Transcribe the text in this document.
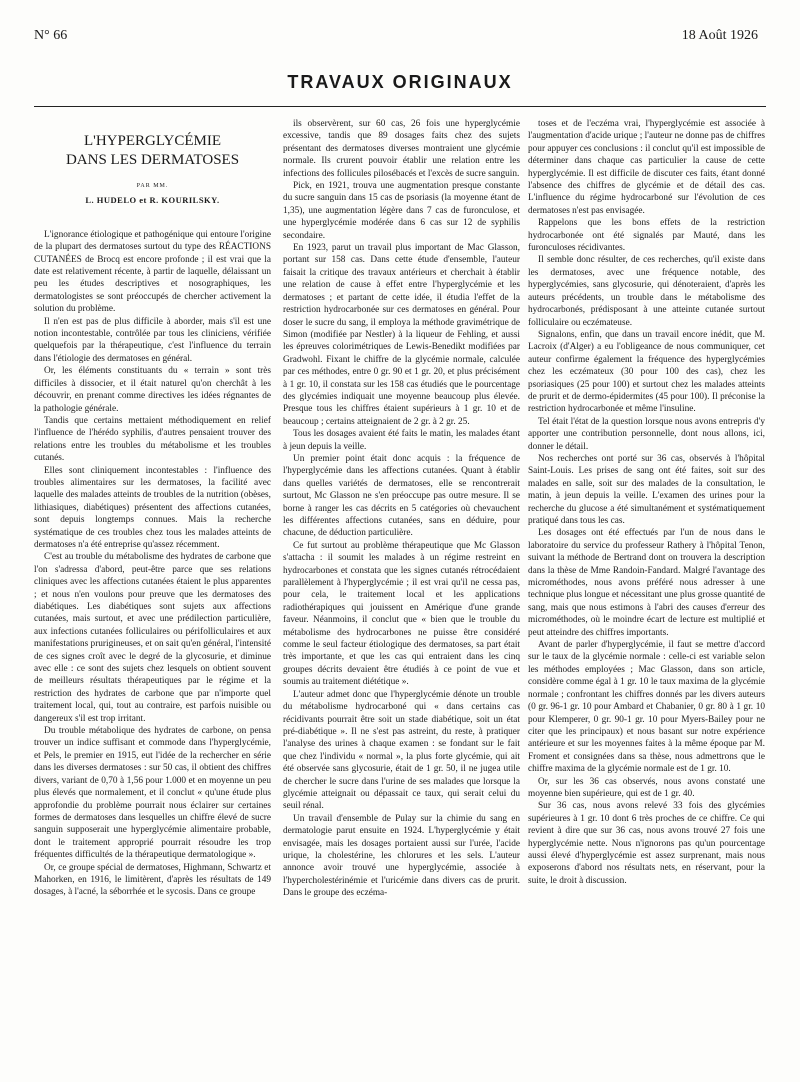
N° 66	18 Août 1926
TRAVAUX ORIGINAUX
L'HYPERGLYCÉMIE
DANS LES DERMATOSES
PAR MM.
L. HUDELO et R. KOURILSKY.

L'ignorance étiologique et pathogénique qui entoure l'origine de la plupart des dermatoses surtout du type des RÉACTIONS CUTANÉES de Brocq est encore profonde ; il est vrai que la date est relativement récente, à partir de laquelle, délaissant un peu les études descriptives et nosographiques, les dermatologistes se sont préoccupés de chercher activement la solution du problème.

Il n'en est pas de plus difficile à aborder, mais s'il est une notion incontestable, contrôlée par tous les cliniciens, vérifiée quelquefois par la thérapeutique, c'est l'influence du terrain dans l'étiologie des dermatoses en général.

Or, les éléments constituants du « terrain » sont très difficiles à dissocier, et il était naturel qu'on cherchât à les découvrir, en prenant comme directives les idées régnantes de la pathologie générale.

Tandis que certains mettaient méthodiquement en relief l'influence de l'hérédo syphilis, d'autres pensaient trouver des relations entre les troubles du métabolisme et les troubles cutanés.

Elles sont cliniquement incontestables : l'influence des troubles alimentaires sur les dermatoses, la facilité avec laquelle des malades atteints de troubles de la nutrition (obèses, lithiasiques, diabétiques) présentent des affections cutanées, sont depuis longtemps connues. Mais la recherche systématique de ces troubles chez tous les malades atteints de dermatoses n'a été entreprise qu'assez récemment.

C'est au trouble du métabolisme des hydrates de carbone que l'on s'adressa d'abord, peut-être parce que ses relations cliniques avec les affections cutanées étaient le plus apparentes ; et nous n'en voulons pour preuve que les dermatoses des diabétiques. Les diabétiques sont sujets aux affections cutanées, mais surtout, et avec une prédilection particulière, aux infections cutanées folliculaires ou périfolliculaires et aux manifestations prurigineuses, et on sait qu'en général, l'intensité de ces signes croît avec le degré de la glycosurie, et diminue avec elle : ce sont des sujets chez lesquels on obtient souvent de meilleurs résultats thérapeutiques par le régime et la restriction des hydrates de carbone que par n'importe quel traitement local, qui, tout au contraire, est parfois nuisible ou dangereux s'il est trop irritant.

Du trouble métabolique des hydrates de carbone, on pensa trouver un indice suffisant et commode dans l'hyperglycémie, et Pels, le premier en 1915, eut l'idée de la rechercher en série dans les diverses dermatoses : sur 50 cas, il obtient des chiffres divers, variant de 0,70 à 1,56 pour 1.000 et en moyenne un peu plus élevés que normalement, et il conclut « qu'une étude plus approfondie du problème pourrait nous éclairer sur certaines formes de dermatoses dans lesquelles un chiffre élevé de sucre sanguin supposerait une hyperglycémie alimentaire probable, dont le traitement approprié pourrait résoudre les trop fréquentes difficultés de la thérapeutique dermatologique ».

Or, ce groupe spécial de dermatoses, Highmann, Schwartz et Mahorken, en 1916, le limitèrent, d'après les résultats de 149 dosages, à l'acné, la séborrhée et le sycosis. Dans ce groupe

ils observèrent, sur 60 cas, 26 fois une hyperglycémie excessive, tandis que 89 dosages faits chez des sujets présentant des dermatoses diverses montraient une glycémie normale. Ils crurent pouvoir établir une relation entre les infections des follicules pilosébacés et l'excès de sucre sanguin.

Pick, en 1921, trouva une augmentation presque constante du sucre sanguin dans 15 cas de psoriasis (la moyenne étant de 1,35), une augmentation légère dans 7 cas de furonculose, et une hyperglycémie modérée dans 6 cas sur 12 de syphilis secondaire.

En 1923, parut un travail plus important de Mac Glasson, portant sur 158 cas. Dans cette étude d'ensemble, l'auteur faisait la critique des travaux antérieurs et cherchait à établir une relation de cause à effet entre l'hyperglycémie et les dermatoses ; et partant de cette idée, il étudia l'effet de la restriction hydrocarbonée sur ces dermatoses en général. Pour doser le sucre du sang, il employa la méthode gravimétrique de Simon (modifiée par Nestler) à la liqueur de Fehling, et aussi les épreuves colorimétriques de Lewis-Benedikt modifiées par Gradwohl. Fixant le chiffre de la glycémie normale, calculée par ces méthodes, entre 0 gr. 90 et 1 gr. 20, et plus précisément à 1 gr. 10, il constata sur les 158 cas étudiés que le pourcentage des glycémies indiquait une moyenne beaucoup plus élevée. Presque tous les chiffres étaient supérieurs à 1 gr. 10 et de beaucoup ; certains atteignaient de 2 gr. à 2 gr. 25.

Tous les dosages avaient été faits le matin, les malades étant à jeun depuis la veille.

Un premier point était donc acquis : la fréquence de l'hyperglycémie dans les affections cutanées. Quant à établir dans quelles variétés de dermatoses, elle se rencontrerait surtout, Mc Glasson ne s'en préoccupe pas outre mesure. Il se borne à ranger les cas décrits en 5 catégories où chevauchent les différentes affections cutanées, sans en déduire, pour chacune, de déduction particulière.

Ce fut surtout au problème thérapeutique que Mc Glasson s'attacha : il soumit les malades à un régime restreint en hydrocarbones et constata que les signes cutanés rétrocédaient parallèlement à l'hyperglycémie ; il est vrai qu'il ne cessa pas, pour cela, le traitement local et les applications radiothérapiques qui jouissent en Amérique d'une grande faveur. Néanmoins, il conclut que « bien que le trouble du métabolisme des hydrocarbones ne puisse être considéré comme le seul facteur étiologique des dermatoses, sa part était très importante, et que les cas qui entraient dans les cinq groupes décrits devaient être étudiés à ce point de vue et soumis au traitement diététique ».

L'auteur admet donc que l'hyperglycémie dénote un trouble du métabolisme hydrocarboné qui « dans certains cas récidivants pourrait être soit un stade diabétique, soit un état pré-diabétique ». Il ne s'est pas astreint, du reste, à pratiquer l'analyse des urines à chaque examen : se fondant sur le fait que chez l'individu « normal », la plus forte glycémie, qui ait été observée sans glycosurie, était de 1 gr. 50, il ne jugea utile de chercher le sucre dans l'urine de ses malades que lorsque la glycémie atteignait ou dépassait ce taux, qui serait celui du seuil rénal.

Un travail d'ensemble de Pulay sur la chimie du sang en dermatologie parut ensuite en 1924. L'hyperglycémie y était envisagée, mais les dosages portaient aussi sur l'urée, l'acide urique, la cholestérine, les chlorures et les sels. L'auteur annonce avoir trouvé une hyperglycémie, associée à l'hypercholestérinémie et l'uricémie dans divers cas de prurit. Dans le groupe des eczéma-

toses et de l'eczéma vrai, l'hyperglycémie est associée à l'augmentation d'acide urique ; l'auteur ne donne pas de chiffres pour appuyer ces conclusions : il conclut qu'il est impossible de déterminer dans chaque cas particulier la cause de cette hyperglycémie. Il est difficile de discuter ces faits, étant donné l'absence des chiffres de glycémie et de détail des cas. L'influence du régime hydrocarboné sur l'évolution de ces dermatoses n'est pas envisagée.

Rappelons que les bons effets de la restriction hydrocarbonée ont été signalés par Mauté, dans les furonculoses récidivantes.

Il semble donc résulter, de ces recherches, qu'il existe dans les dermatoses, avec une fréquence notable, des hyperglycémies, sans glycosurie, qui dénoteraient, d'après les auteurs précédents, un trouble dans le métabolisme des hydrocarbonés, prédisposant à une atteinte cutanée surtout folliculaire ou eczémateuse.

Signalons, enfin, que dans un travail encore inédit, que M. Lacroix (d'Alger) a eu l'obligeance de nous communiquer, cet auteur confirme également la fréquence des hyperglycémies chez les eczémateux (30 pour 100 des cas), chez les psoriasiques (25 pour 100) et surtout chez les malades atteints de prurit et de dermo-épidermites (45 pour 100). Il préconise la restriction hydrocarbonée et même l'insuline.

Tel était l'état de la question lorsque nous avons entrepris d'y apporter une contribution personnelle, dont nous allons, ici, donner le détail.

Nos recherches ont porté sur 36 cas, observés à l'hôpital Saint-Louis. Les prises de sang ont été faites, soit sur des malades en salle, soit sur des malades de la consultation, le matin, à jeun depuis la veille. L'examen des urines pour la recherche du glucose a été simultanément et systématiquement pratiqué dans tous les cas.

Les dosages ont été effectués par l'un de nous dans le laboratoire du service du professeur Rathery à l'hôpital Tenon, suivant la méthode de Bertrand dont on trouvera la description dans la thèse de Mme Randoin-Fandard. Malgré l'avantage des microméthodes, nous avons préféré nous adresser à une technique plus longue et nécessitant une plus grosse quantité de sang, mais que nous estimons à l'abri des causes d'erreur des microméthodes, où le moindre écart de lecture est multiplié et peut atteindre des chiffres importants.

Avant de parler d'hyperglycémie, il faut se mettre d'accord sur le taux de la glycémie normale : celle-ci est variable selon les méthodes employées ; Mac Glasson, dans son article, considère comme égal à 1 gr. 10 le taux maxima de la glycémie normale ; confrontant les chiffres donnés par les divers auteurs (0 gr. 96-1 gr. 10 pour Ambard et Chabanier, 0 gr. 80 à 1 gr. 10 pour Klemperer, 0 gr. 90-1 gr. 10 pour Myers-Bailey pour ne citer que les principaux) et nous basant sur notre expérience antérieure et sur les moyennes faites à la même époque par M. Froment et consignées dans sa thèse, nous admettrons que le chiffre maxima de la glycémie normale est de 1 gr. 10.

Or, sur les 36 cas observés, nous avons constaté une moyenne bien supérieure, qui est de 1 gr. 40.

Sur 36 cas, nous avons relevé 33 fois des glycémies supérieures à 1 gr. 10 dont 6 très proches de ce chiffre. Ce qui revient à dire que sur 36 cas, nous avons trouvé 27 fois une hyperglycémie nette. Nous n'ignorons pas qu'un pourcentage aussi élevé d'hyperglycémie est assez surprenant, mais nous exposerons d'abord nos résultats nets, en réservant, pour la suite, le droit à discussion.
